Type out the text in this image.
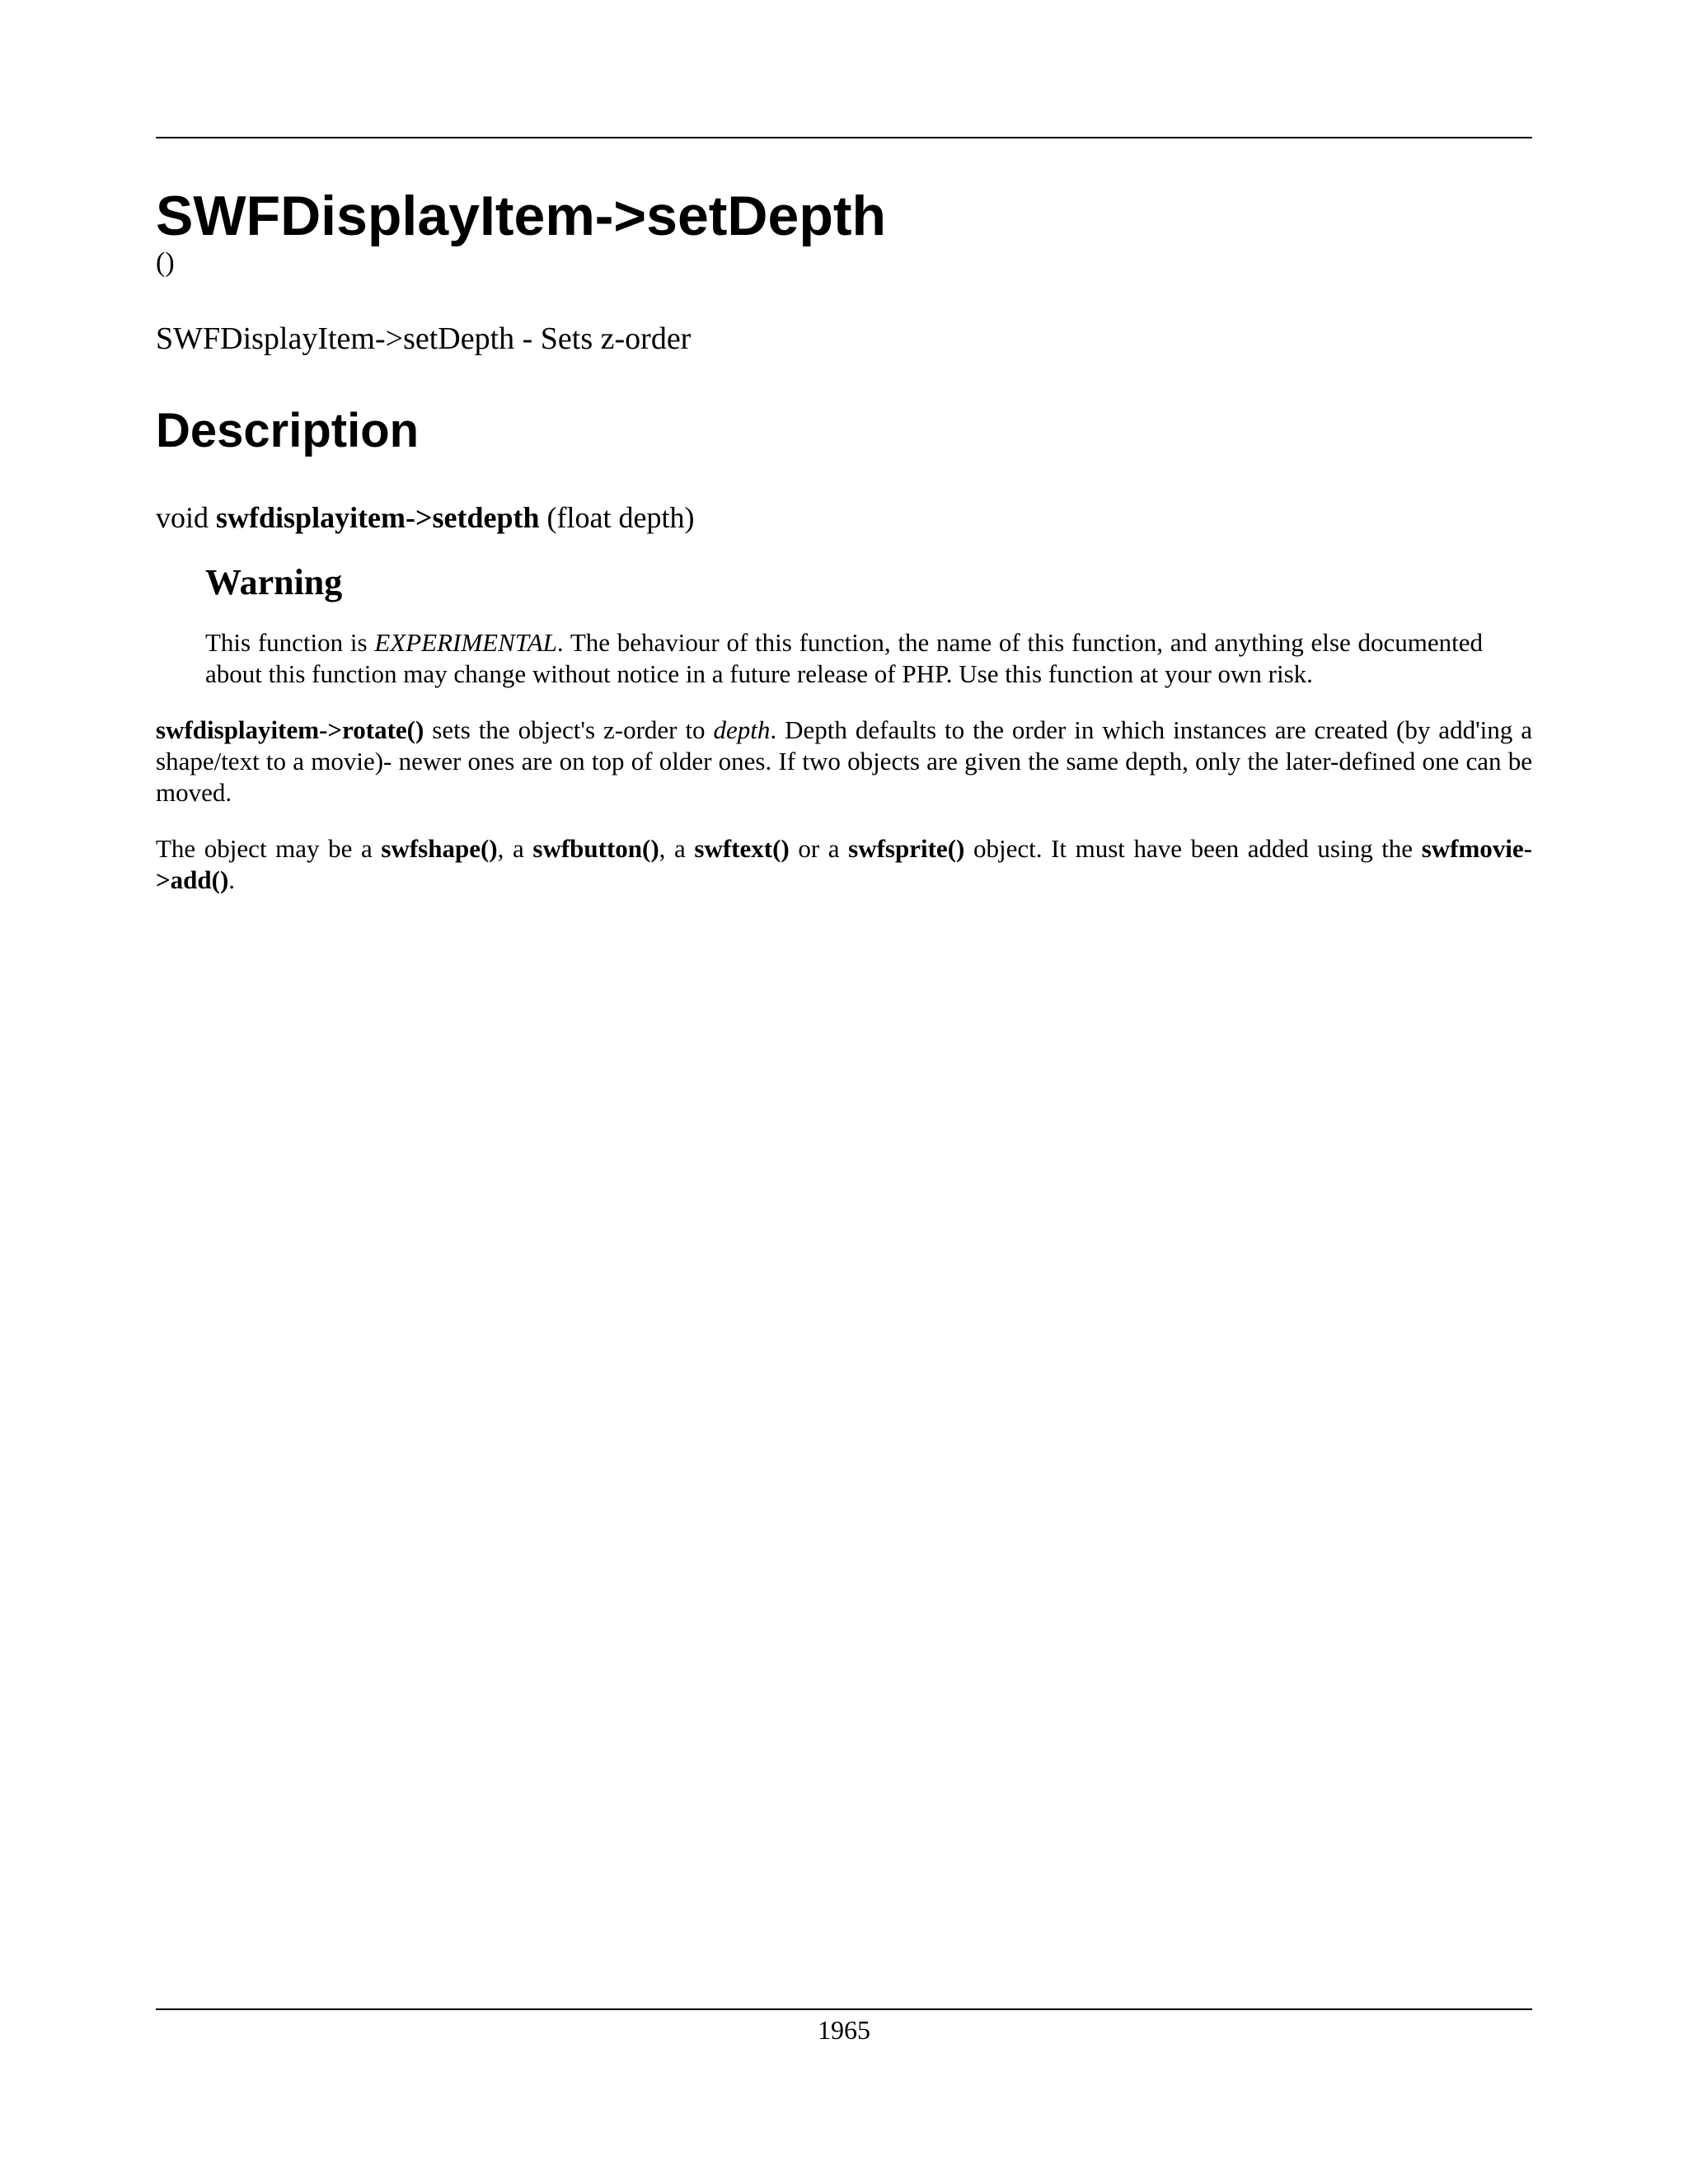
SWFDisplayItem->setDepth
()
SWFDisplayItem->setDepth - Sets z-order
Description
void swfdisplayitem->setdepth (float depth)
Warning

This function is EXPERIMENTAL. The behaviour of this function, the name of this function, and anything else documented about this function may change without notice in a future release of PHP. Use this function at your own risk.

swfdisplayitem->rotate() sets the object's z-order to depth. Depth defaults to the order in which instances are created (by add'ing a shape/text to a movie)- newer ones are on top of older ones. If two objects are given the same depth, only the later-defined one can be moved.

The object may be a swfshape(), a swfbutton(), a swftext() or a swfsprite() object. It must have been added using the swfmovie->add().

1965
